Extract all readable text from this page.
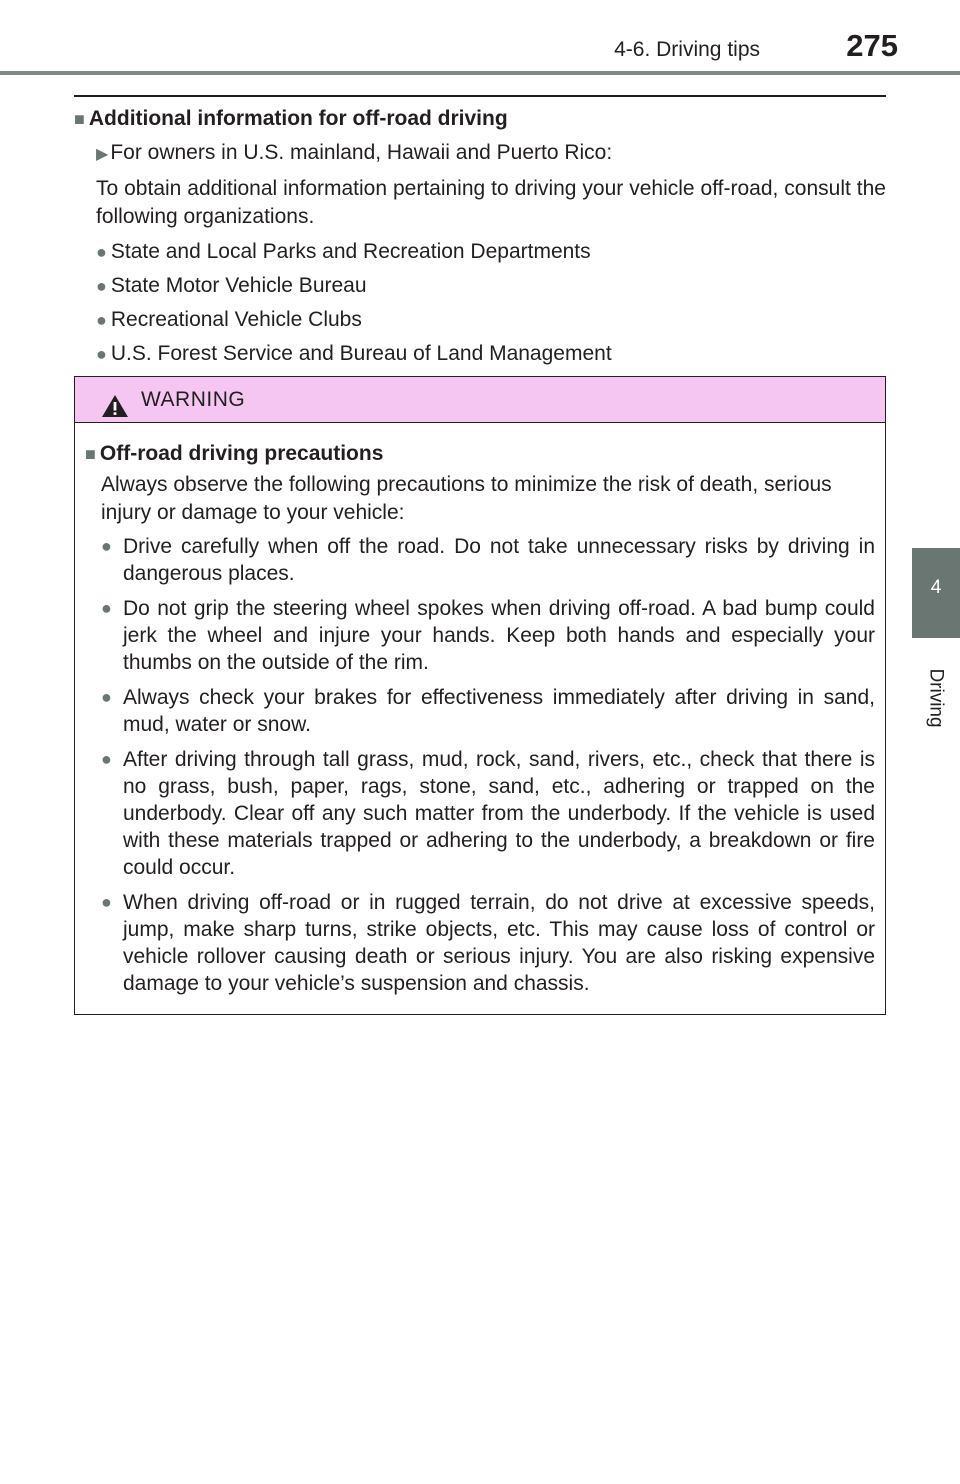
4-6. Driving tips	275
4
Driving

■ Additional information for off-road driving

▶For owners in U.S. mainland, Hawaii and Puerto Rico:
To obtain additional information pertaining to driving your vehicle off-road, consult the following organizations.
● State and Local Parks and Recreation Departments
● State Motor Vehicle Bureau
● Recreational Vehicle Clubs
● U.S. Forest Service and Bureau of Land Management
WARNING
■ Off-road driving precautions
Always observe the following precautions to minimize the risk of death, serious injury or damage to your vehicle:
● Drive carefully when off the road. Do not take unnecessary risks by driving in dangerous places.
● Do not grip the steering wheel spokes when driving off-road. A bad bump could jerk the wheel and injure your hands. Keep both hands and especially your thumbs on the outside of the rim.
● Always check your brakes for effectiveness immediately after driving in sand, mud, water or snow.
● After driving through tall grass, mud, rock, sand, rivers, etc., check that there is no grass, bush, paper, rags, stone, sand, etc., adhering or trapped on the underbody. Clear off any such matter from the underbody. If the vehicle is used with these materials trapped or adhering to the underbody, a breakdown or fire could occur.
● When driving off-road or in rugged terrain, do not drive at excessive speeds, jump, make sharp turns, strike objects, etc. This may cause loss of control or vehicle rollover causing death or serious injury. You are also risking expensive damage to your vehicle’s suspension and chassis.
